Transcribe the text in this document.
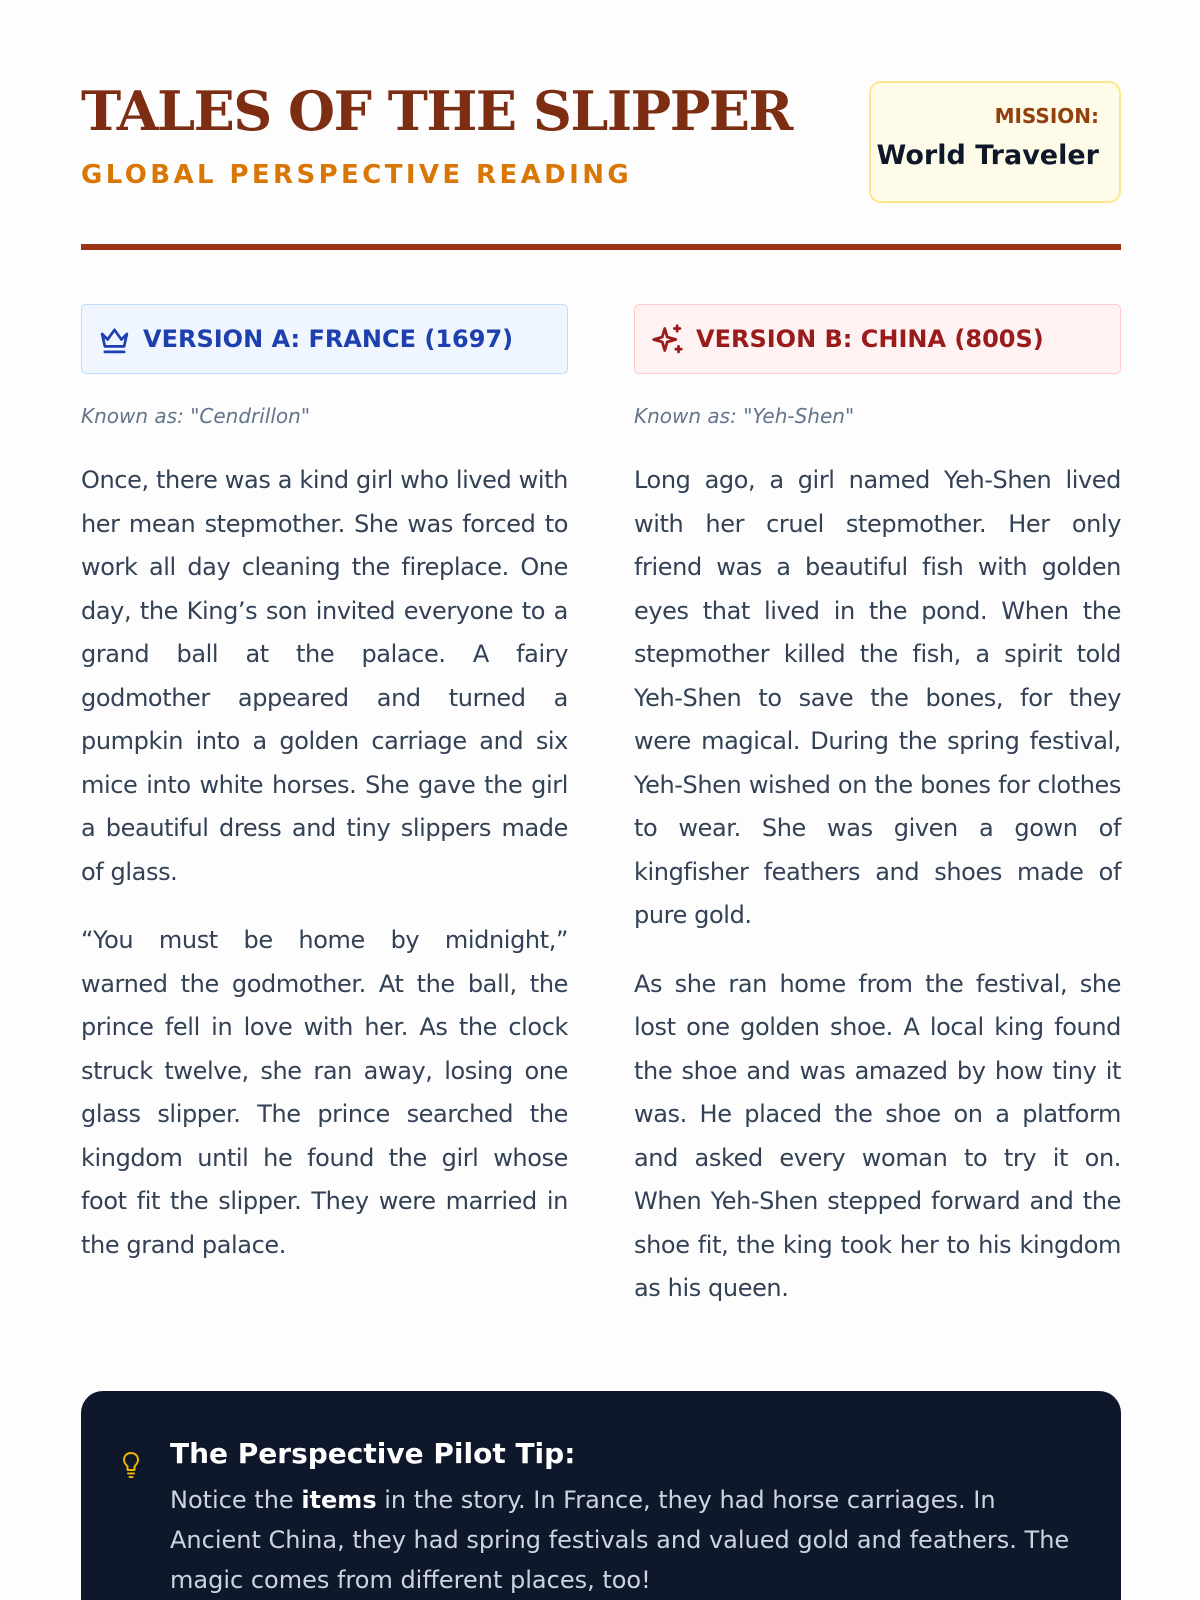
TALES OF THE SLIPPER
GLOBAL PERSPECTIVE READING
MISSION:
World Traveler
VERSION A: FRANCE (1697)
Known as: "Cendrillon"

Once, there was a kind girl who lived with her mean stepmother. She was forced to work all day cleaning the fireplace. One day, the King’s son invited everyone to a grand ball at the palace. A fairy godmother appeared and turned a pumpkin into a golden carriage and six mice into white horses. She gave the girl a beautiful dress and tiny slippers made of glass.

“You must be home by midnight,” warned the godmother. At the ball, the prince fell in love with her. As the clock struck twelve, she ran away, losing one glass slipper. The prince searched the kingdom until he found the girl whose foot fit the slipper. They were married in the grand palace.

VERSION B: CHINA (800S)
Known as: "Yeh-Shen"

Long ago, a girl named Yeh-Shen lived with her cruel stepmother. Her only friend was a beautiful fish with golden eyes that lived in the pond. When the stepmother killed the fish, a spirit told Yeh-Shen to save the bones, for they were magical. During the spring festival, Yeh-Shen wished on the bones for clothes to wear. She was given a gown of kingfisher feathers and shoes made of pure gold.

As she ran home from the festival, she lost one golden shoe. A local king found the shoe and was amazed by how tiny it was. He placed the shoe on a platform and asked every woman to try it on. When Yeh-Shen stepped forward and the shoe fit, the king took her to his kingdom as his queen.

The Perspective Pilot Tip:
Notice the items in the story. In France, they had horse carriages. In Ancient China, they had spring festivals and valued gold and feathers. The magic comes from different places, too!
